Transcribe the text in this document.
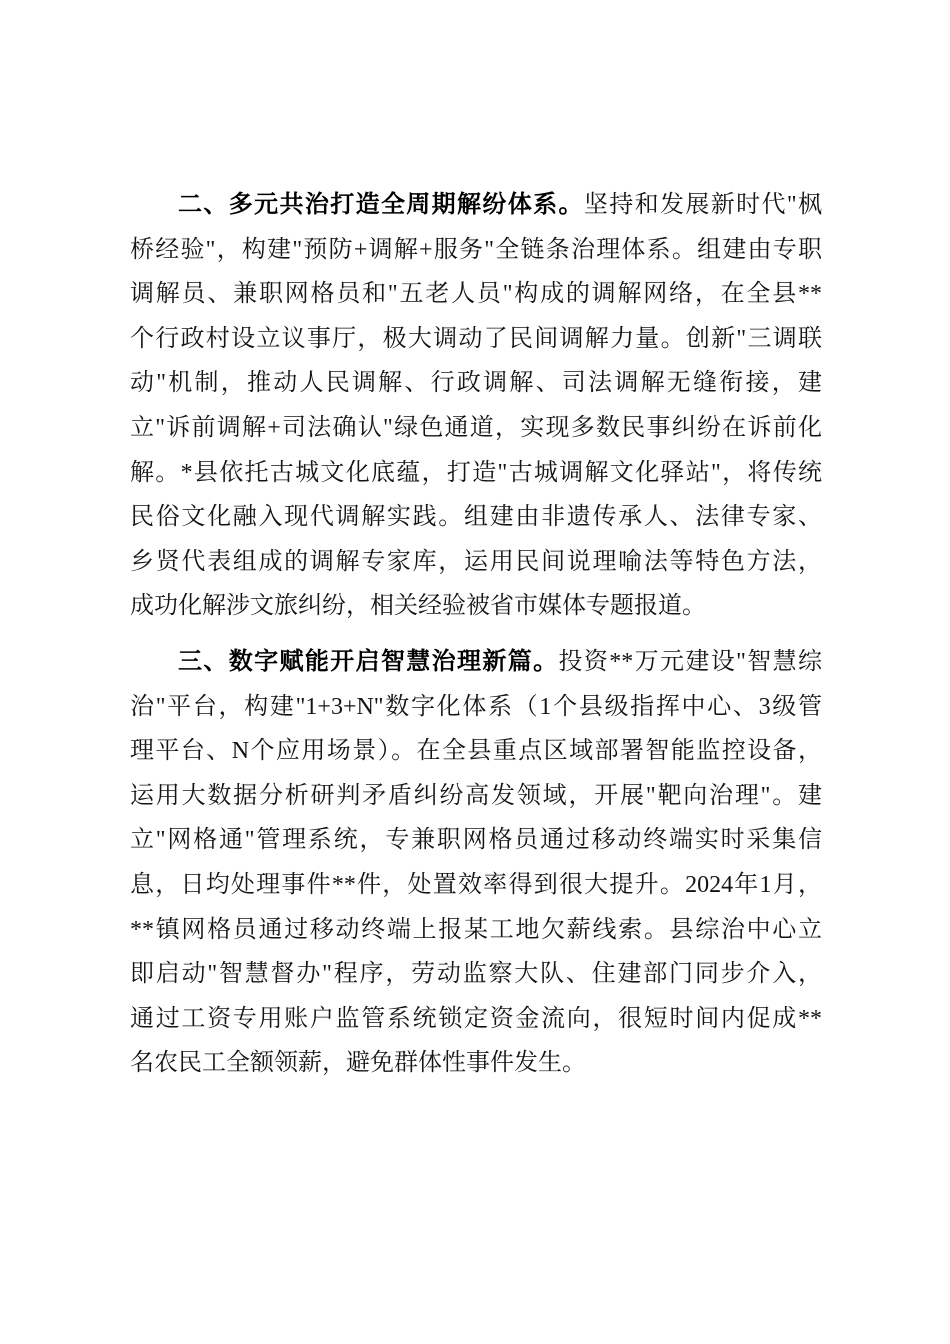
二、多元共治打造全周期解纷体系。坚持和发展新时代"枫
桥经验"，构建"预防+调解+服务"全链条治理体系。组建由专职
调解员、兼职网格员和"五老人员"构成的调解网络，在全县**
个行政村设立议事厅，极大调动了民间调解力量。创新"三调联
动"机制，推动人民调解、行政调解、司法调解无缝衔接，建
立"诉前调解+司法确认"绿色通道，实现多数民事纠纷在诉前化
解。*县依托古城文化底蕴，打造"古城调解文化驿站"，将传统
民俗文化融入现代调解实践。组建由非遗传承人、法律专家、
乡贤代表组成的调解专家库，运用民间说理喻法等特色方法，
成功化解涉文旅纠纷，相关经验被省市媒体专题报道。
三、数字赋能开启智慧治理新篇。投资**万元建设"智慧综
治"平台，构建"1+3+N"数字化体系（1个县级指挥中心、3级管
理平台、N个应用场景）。在全县重点区域部署智能监控设备，
运用大数据分析研判矛盾纠纷高发领域，开展"靶向治理"。建
立"网格通"管理系统，专兼职网格员通过移动终端实时采集信
息，日均处理事件**件，处置效率得到很大提升。2024年1月，
**镇网格员通过移动终端上报某工地欠薪线索。县综治中心立
即启动"智慧督办"程序，劳动监察大队、住建部门同步介入，
通过工资专用账户监管系统锁定资金流向，很短时间内促成**
名农民工全额领薪，避免群体性事件发生。
